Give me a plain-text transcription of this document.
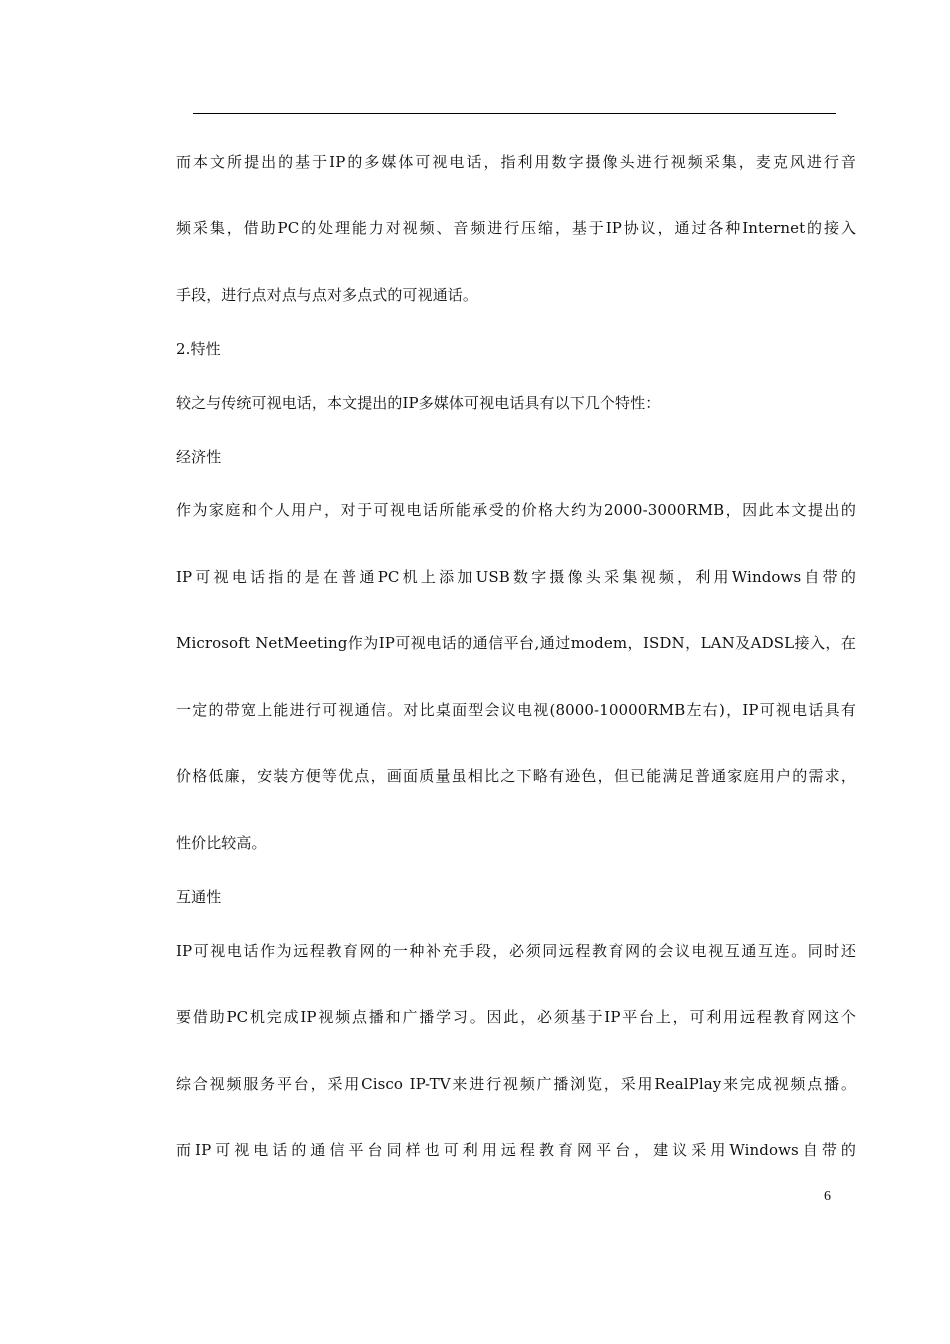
而本文所提出的基于IP的多媒体可视电话，指利用数字摄像头进行视频采集，麦克风进行音
频采集，借助PC的处理能力对视频、音频进行压缩，基于IP协议，通过各种Internet的接入
手段，进行点对点与点对多点式的可视通话。
2.特性
较之与传统可视电话，本文提出的IP多媒体可视电话具有以下几个特性：
经济性
作为家庭和个人用户，对于可视电话所能承受的价格大约为2000-3000RMB，因此本文提出的
IP可视电话指的是在普通PC机上添加USB数字摄像头采集视频，利用Windows自带的
Microsoft NetMeeting作为IP可视电话的通信平台,通过modem，ISDN，LAN及ADSL接入，在
一定的带宽上能进行可视通信。对比桌面型会议电视(8000-10000RMB左右)，IP可视电话具有
价格低廉，安装方便等优点，画面质量虽相比之下略有逊色，但已能满足普通家庭用户的需求，
性价比较高。
互通性
IP可视电话作为远程教育网的一种补充手段，必须同远程教育网的会议电视互通互连。同时还
要借助PC机完成IP视频点播和广播学习。因此，必须基于IP平台上，可利用远程教育网这个
综合视频服务平台，采用Cisco IP-TV来进行视频广播浏览，采用RealPlay来完成视频点播。
而IP可视电话的通信平台同样也可利用远程教育网平台，建议采用Windows自带的
6
